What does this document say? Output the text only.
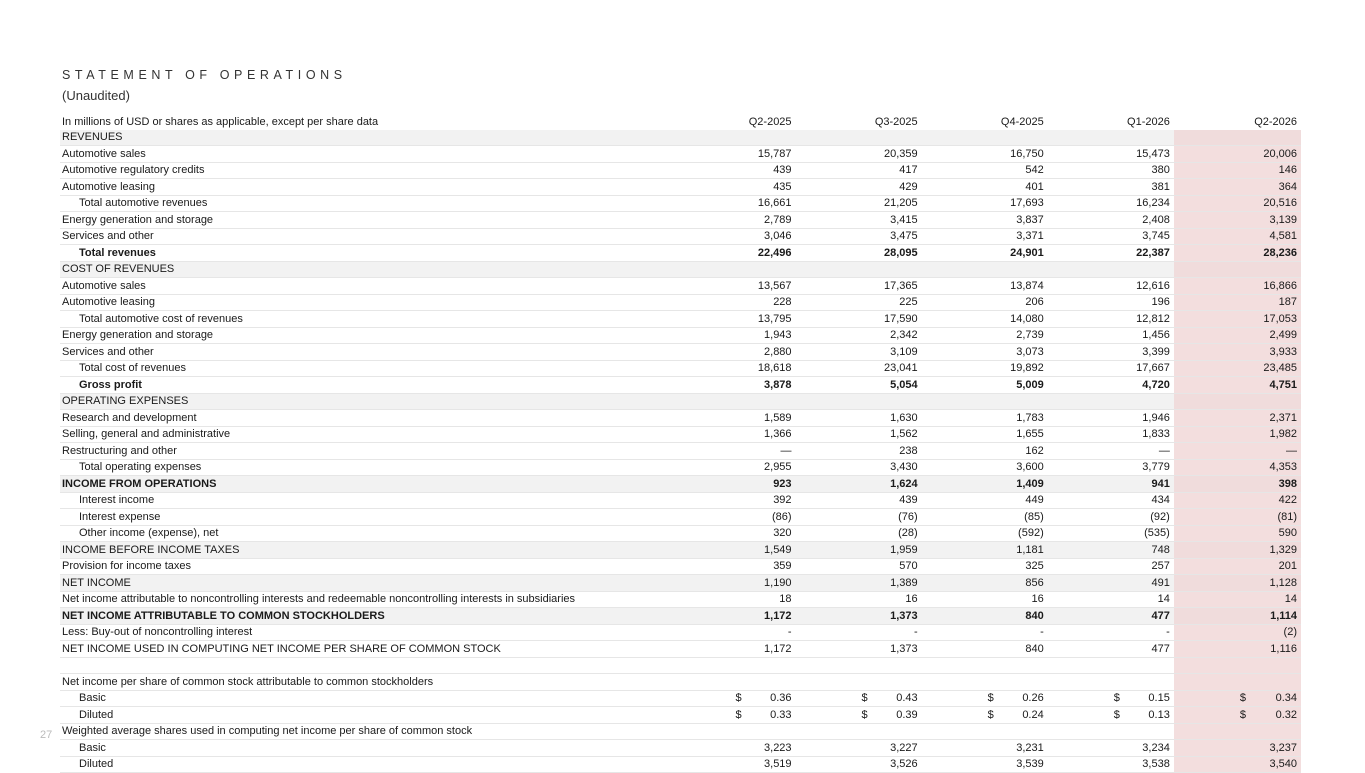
STATEMENT OF OPERATIONS
(Unaudited)
In millions of USD or shares as applicable, except per share data	Q2-2025	Q3-2025	Q4-2025	Q1-2026	Q2-2026
REVENUES					
Automotive sales	15,787	20,359	16,750	15,473	20,006
Automotive regulatory credits	439	417	542	380	146
Automotive leasing	435	429	401	381	364
Total automotive revenues	16,661	21,205	17,693	16,234	20,516
Energy generation and storage	2,789	3,415	3,837	2,408	3,139
Services and other	3,046	3,475	3,371	3,745	4,581
Total revenues	22,496	28,095	24,901	22,387	28,236
COST OF REVENUES					
Automotive sales	13,567	17,365	13,874	12,616	16,866
Automotive leasing	228	225	206	196	187
Total automotive cost of revenues	13,795	17,590	14,080	12,812	17,053
Energy generation and storage	1,943	2,342	2,739	1,456	2,499
Services and other	2,880	3,109	3,073	3,399	3,933
Total cost of revenues	18,618	23,041	19,892	17,667	23,485
Gross profit	3,878	5,054	5,009	4,720	4,751
OPERATING EXPENSES					
Research and development	1,589	1,630	1,783	1,946	2,371
Selling, general and administrative	1,366	1,562	1,655	1,833	1,982
Restructuring and other	—	238	162	—	—
Total operating expenses	2,955	3,430	3,600	3,779	4,353
INCOME FROM OPERATIONS	923	1,624	1,409	941	398
Interest income	392	439	449	434	422
Interest expense	(86)	(76)	(85)	(92)	(81)
Other income (expense), net	320	(28)	(592)	(535)	590
INCOME BEFORE INCOME TAXES	1,549	1,959	1,181	748	1,329
Provision for income taxes	359	570	325	257	201
NET INCOME	1,190	1,389	856	491	1,128
Net income attributable to noncontrolling interests and redeemable noncontrolling interests in subsidiaries	18	16	16	14	14
NET INCOME ATTRIBUTABLE TO COMMON STOCKHOLDERS	1,172	1,373	840	477	1,114
Less: Buy-out of noncontrolling interest	-	-	-	-	(2)
NET INCOME USED IN COMPUTING NET INCOME PER SHARE OF COMMON STOCK	1,172	1,373	840	477	1,116

Net income per share of common stock attributable to common stockholders					
Basic	$ 0.36	$ 0.43	$ 0.26	$ 0.15	$ 0.34
Diluted	$ 0.33	$ 0.39	$ 0.24	$ 0.13	$ 0.32
Weighted average shares used in computing net income per share of common stock					
Basic	3,223	3,227	3,231	3,234	3,237
Diluted	3,519	3,526	3,539	3,538	3,540
27
